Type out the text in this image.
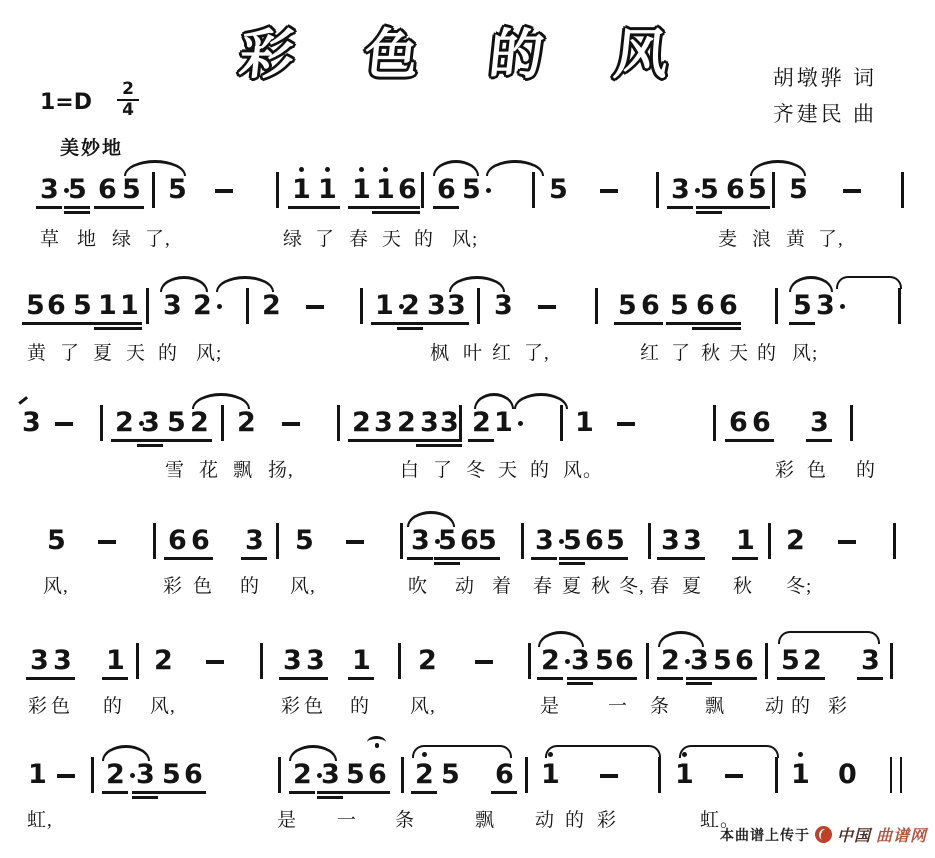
彩 色 的 风	胡墩骅 词
齐建民 曲
$1=D \frac{2}{4}$
美妙地
3 5 6 5 5	1 1 1 1 6 6 5	5	3 5 6 5 5
草 地 绿 了,	绿 了 春 天 的 风;	麦 浪 黄 了,
5 6 5 1 1 3 2 2	1 2 3 3 3	5 6 5 6 6 5 3
黄 了 夏 天 的 风;	枫 叶 红 了,	红 了 秋 天 的 风;
3	2 3 5 2 2	2 3 2 3 3 2 1 1	6 6 3
雪 花 飘 扬,	白 了 冬 天 的 风。	彩 色 的
5	6 6 3 5	3 5 6 5 3 5 6 5 3 3 1 2
风,	彩 色 的 风,	吹 动 着 春 夏 秋 冬, 春 夏 秋 冬;
3 3 1 2	3 3 1 2	2 3 5 6 2 3 5 6 5 2 3
彩 色 的 风,	彩 色 的 风,	是	一 条 飘 动 的 彩
1 2 3 5 6	2 3 5 6 2 5 6 1	1	1 0
虹,	是 一 条	飘 动 的 彩	虹。
本曲谱上传于 中国 曲谱网
